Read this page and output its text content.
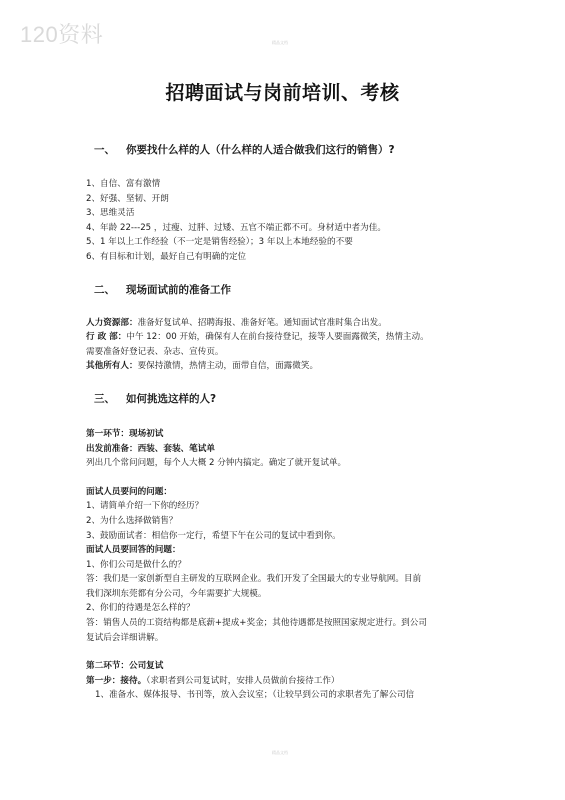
120资料	精品文档
招聘面试与岗前培训、考核

一、 你要找什么样的人（什么样的人适合做我们这行的销售）?

1、自信、富有激情

2、好强、坚韧、开朗

3、思维灵活

4、年龄 22---25 ，过瘦、过胖、过矮、五官不端正都不可。身材适中者为佳。

5、1 年以上工作经验（不一定是销售经验）；3 年以上本地经验的不要

6、有目标和计划，最好自己有明确的定位

二、 现场面试前的准备工作

人力资源部：准备好复试单、招聘海报、准备好笔。通知面试官准时集合出发。

行 政 部：中午 12：00 开始，确保有人在前台接待登记，接等人要面露微笑，热情主动。

需要准备好登记表、杂志、宣传页。

其他所有人：要保持激情，热情主动，面带自信，面露微笑。

三、 如何挑选这样的人?

第一环节：现场初试

出发前准备：西装、套装、笔试单

列出几个常问问题，每个人大概 2 分钟内搞定。确定了就开复试单。

面试人员要问的问题：

1、请简单介绍一下你的经历？

2、为什么选择做销售？

3、鼓励面试者：相信你一定行，希望下午在公司的复试中看到你。

面试人员要回答的问题：

1、你们公司是做什么的？

答：我们是一家创新型自主研发的互联网企业。我们开发了全国最大的专业导航网。目前

我们深圳东莞都有分公司，今年需要扩大规模。

2、你们的待遇是怎么样的？

答：销售人员的工资结构都是底薪+提成+奖金；其他待遇都是按照国家规定进行。到公司

复试后会详细讲解。

第二环节：公司复试

第一步：接待。（求职者到公司复试时，安排人员做前台接待工作）

1、准备水、媒体报导、书刊等，放入会议室；（让较早到公司的求职者先了解公司信

精品文档
